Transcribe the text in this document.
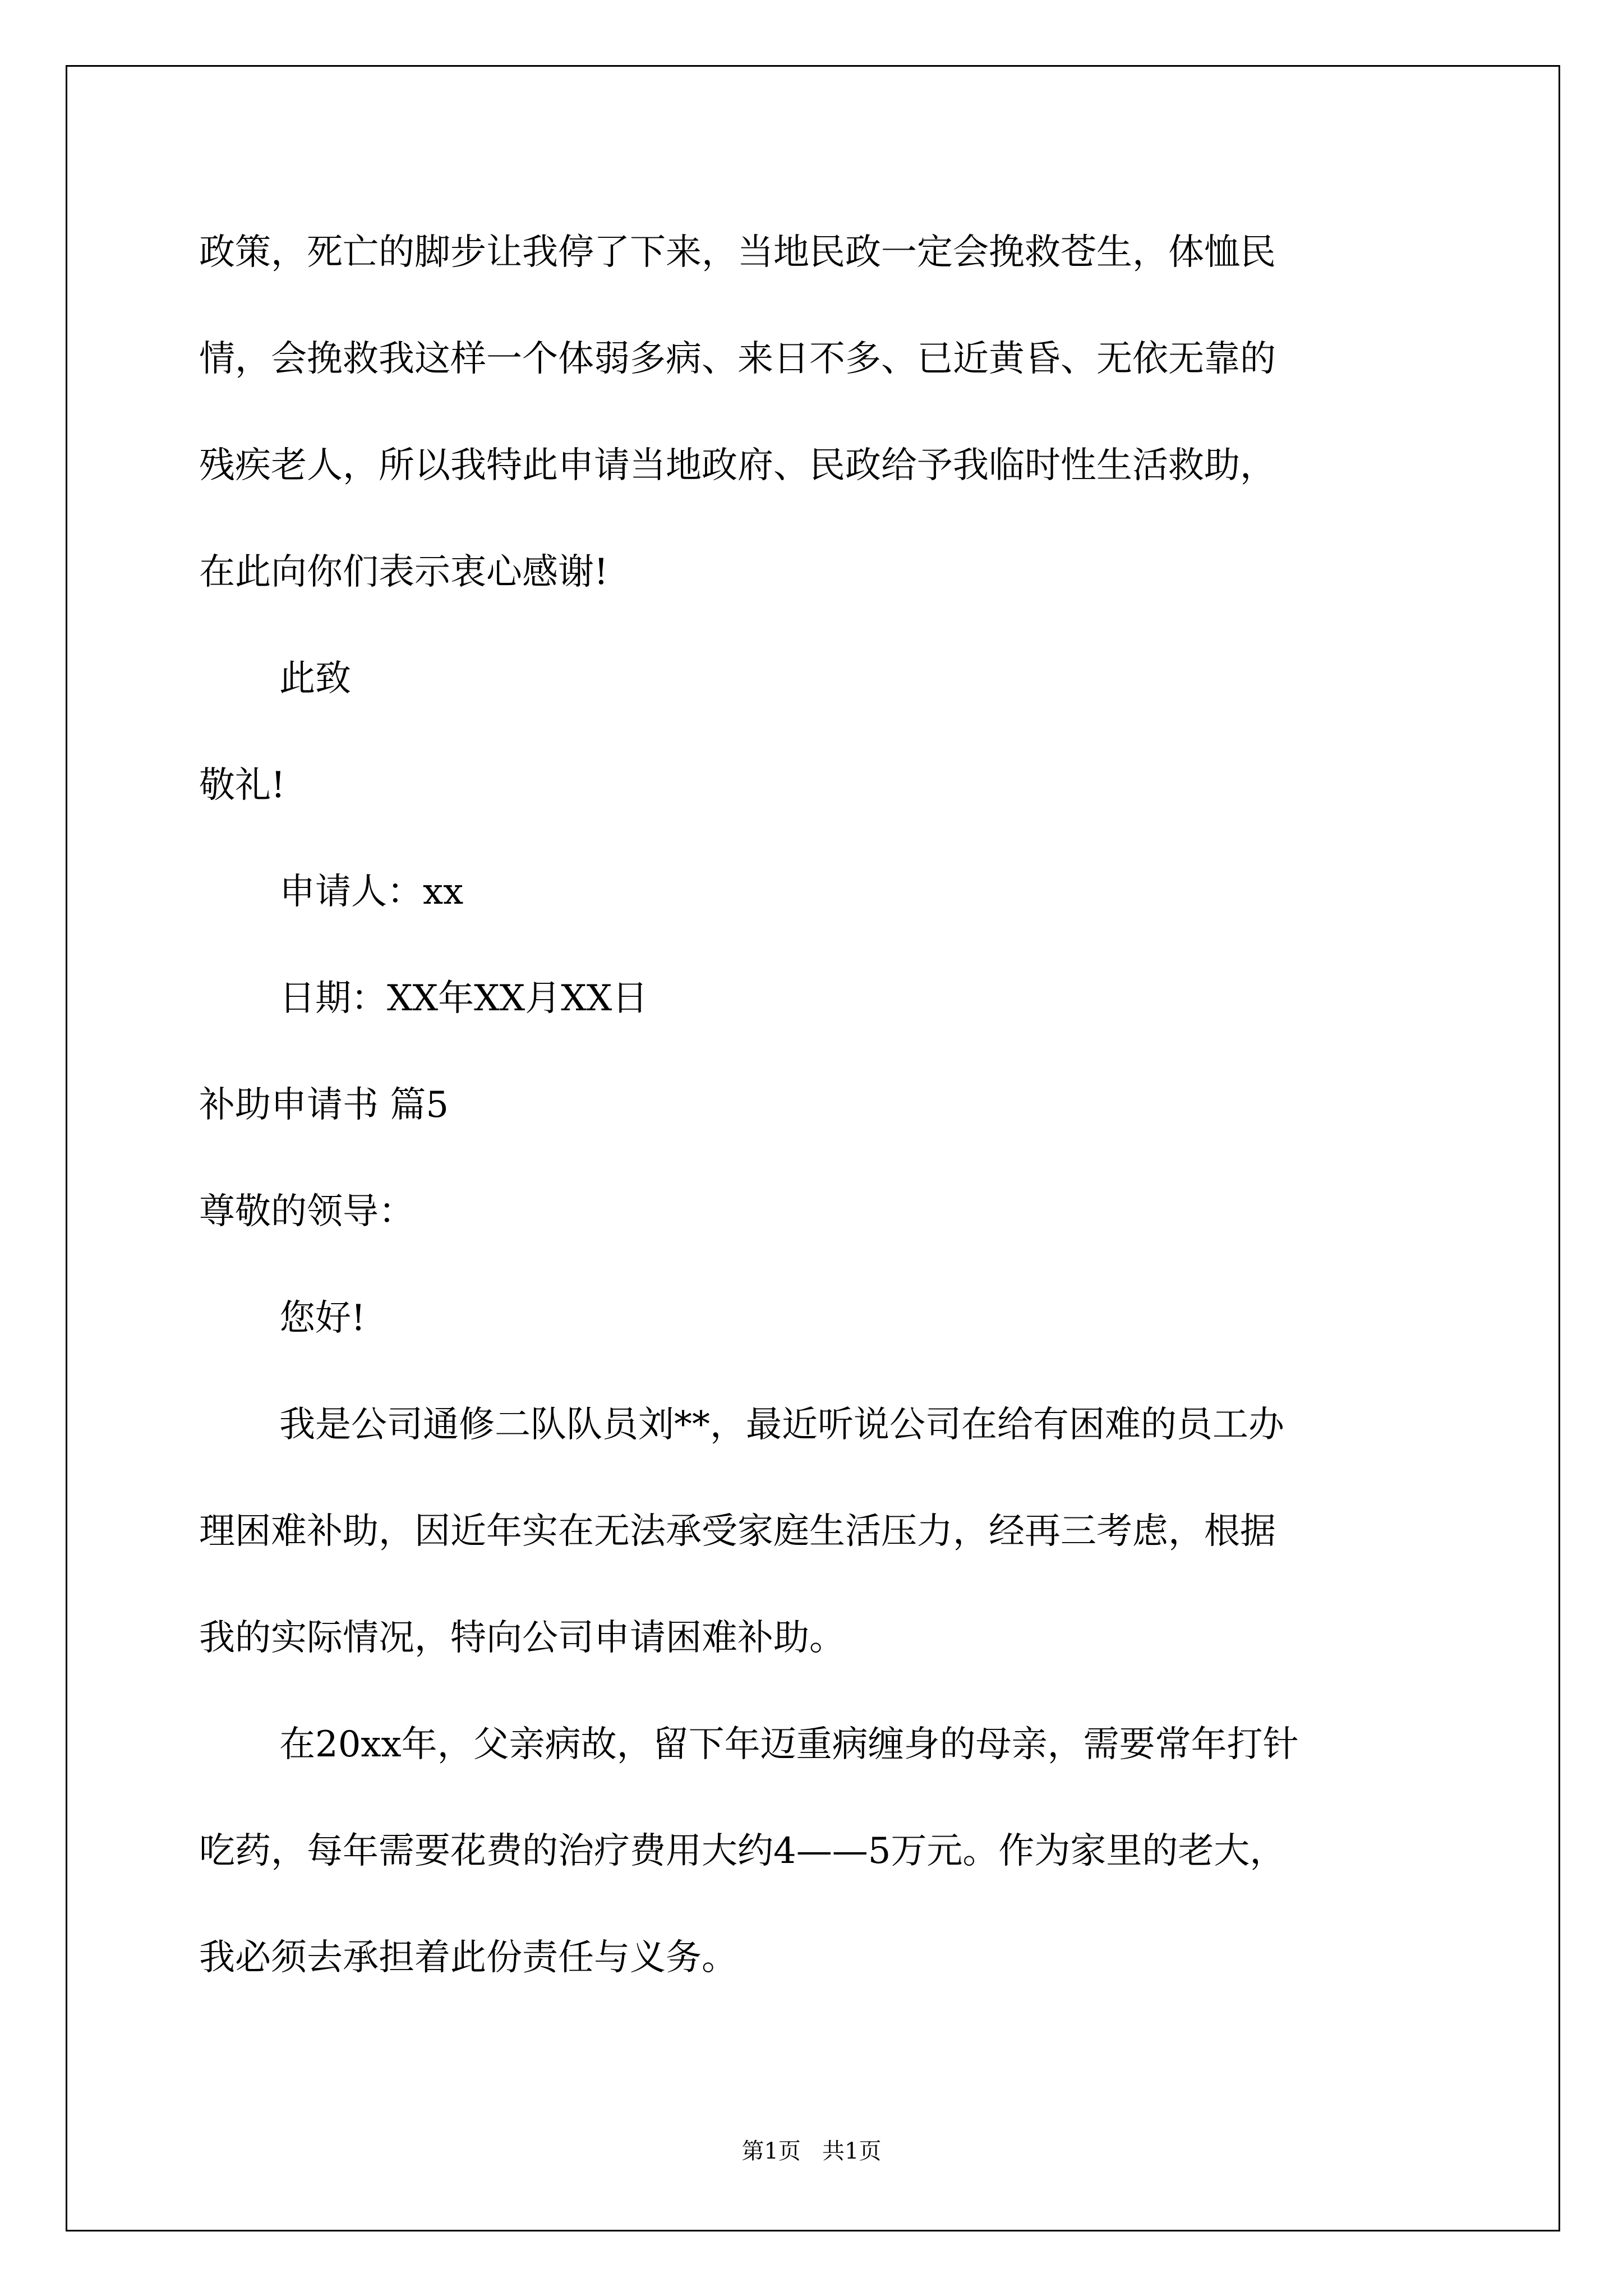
政策，死亡的脚步让我停了下来，当地民政一定会挽救苍生，体恤民
情，会挽救我这样一个体弱多病、来日不多、已近黄昏、无依无靠的
残疾老人，所以我特此申请当地政府、民政给予我临时性生活救助，
在此向你们表示衷心感谢!
此致
敬礼!
申请人：xx
日期：XX年XX月XX日
补助申请书 篇5
尊敬的领导：
您好!
我是公司通修二队队员刘**，最近听说公司在给有困难的员工办
理困难补助，因近年实在无法承受家庭生活压力，经再三考虑，根据
我的实际情况，特向公司申请困难补助。
在20xx年，父亲病故，留下年迈重病缠身的母亲，需要常年打针
吃药，每年需要花费的治疗费用大约4——5万元。作为家里的老大，
我必须去承担着此份责任与义务。
第1页   共1页
